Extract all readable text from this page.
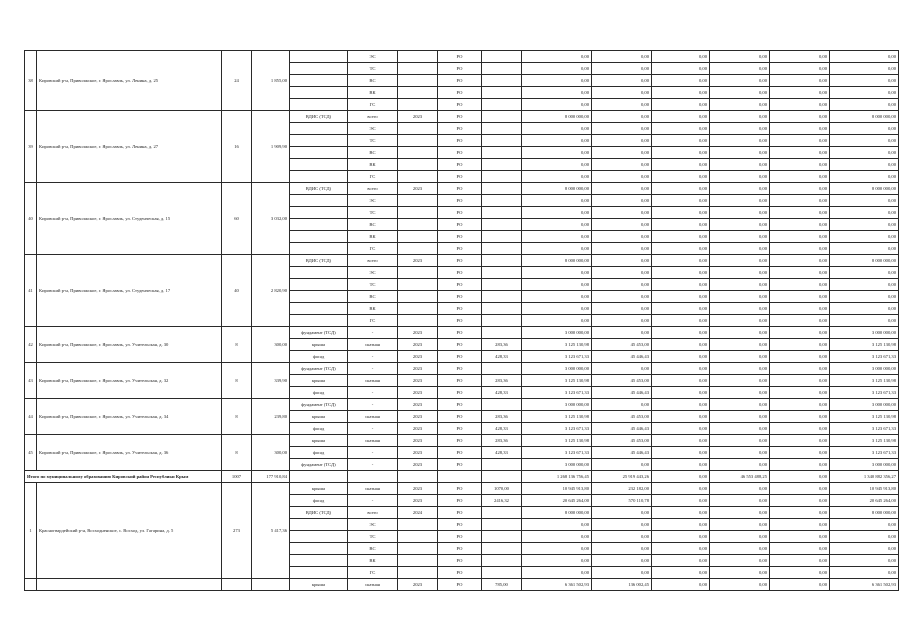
38	Кировский р-н, Приволжское, г. Ярославль, ул. Ленина, д. 25	24	1 855,00		ЭС		РО		0,00	0,00	0,00	0,00	0,00	0,00
					ТС		РО		0,00	0,00	0,00	0,00	0,00	0,00
					ВС		РО		0,00	0,00	0,00	0,00	0,00	0,00
					ВК		РО		0,00	0,00	0,00	0,00	0,00	0,00
					ГС		РО		0,00	0,00	0,00	0,00	0,00	0,00
39	Кировский р-н, Приволжское, г. Ярославль, ул. Ленина, д. 27	16	1 909,90	ВДИС (ТСД)	всего	2023	РО		8 000 000,00	0,00	0,00	0,00	0,00	8 000 000,00
					ЭС		РО		0,00	0,00	0,00	0,00	0,00	0,00
					ТС		РО		0,00	0,00	0,00	0,00	0,00	0,00
					ВС		РО		0,00	0,00	0,00	0,00	0,00	0,00
					ВК		РО		0,00	0,00	0,00	0,00	0,00	0,00
					ГС		РО		0,00	0,00	0,00	0,00	0,00	0,00
40	Кировский р-н, Приволжское, г. Ярославль, ул. Студенческая, д. 15	60	3 032,00	ВДИС (ТСД)	всего	2023	РО		8 000 000,00	0,00	0,00	0,00	0,00	8 000 000,00
					ЭС		РО		0,00	0,00	0,00	0,00	0,00	0,00
					ТС		РО		0,00	0,00	0,00	0,00	0,00	0,00
					ВС		РО		0,00	0,00	0,00	0,00	0,00	0,00
					ВК		РО		0,00	0,00	0,00	0,00	0,00	0,00
					ГС		РО		0,00	0,00	0,00	0,00	0,00	0,00
41	Кировский р-н, Приволжское, г. Ярославль, ул. Студенческая, д. 17	40	2 820,90	ВДИС (ТСД)	всего	2023	РО		8 000 000,00	0,00	0,00	0,00	0,00	8 000 000,00
					ЭС		РО		0,00	0,00	0,00	0,00	0,00	0,00
					ТС		РО		0,00	0,00	0,00	0,00	0,00	0,00
					ВС		РО		0,00	0,00	0,00	0,00	0,00	0,00
					ВК		РО		0,00	0,00	0,00	0,00	0,00	0,00
					ГС		РО		0,00	0,00	0,00	0,00	0,00	0,00
42	Кировский р-н, Приволжское, г. Ярославль, ул. Учительская, д. 30	8	300,00	фундамент (ТСД)	-	2023	РО		3 000 000,00	0,00	0,00	0,00	0,00	3 000 000,00
				крыша	скатная	2023	РО	283,36	3 125 130,98	45 453,00	0,00	0,00	0,00	3 125 130,98
				фасад	-	2023	РО	428,33	3 123 671,33	45 446,43	0,00	0,00	0,00	3 123 671,33
43	Кировский р-н, Приволжское, г. Ярославль, ул. Учительская, д. 32	8	339,90	фундамент (ТСД)	-	2023	РО		3 000 000,00	0,00	0,00	0,00	0,00	3 000 000,00
				крыша	скатная	2023	РО	283,36	3 125 130,98	45 453,00	0,00	0,00	0,00	3 125 130,98
				фасад	-	2023	РО	428,33	3 123 671,33	45 446,43	0,00	0,00	0,00	3 123 671,33
44	Кировский р-н, Приволжское, г. Ярославль, ул. Учительская, д. 34	8	239,80	фундамент (ТСД)	-	2023	РО		3 000 000,00	0,00	0,00	0,00	0,00	3 000 000,00
				крыша	скатная	2023	РО	283,36	3 125 130,98	45 453,00	0,00	0,00	0,00	3 125 130,98
				фасад	-	2023	РО	428,33	3 123 671,33	45 446,43	0,00	0,00	0,00	3 123 671,33
45	Кировский р-н, Приволжское, г. Ярославль, ул. Учительская, д. 36	8	300,00	крыша	скатная	2023	РО	283,36	3 125 130,98	45 453,00	0,00	0,00	0,00	3 125 130,98
				фасад	-	2023	РО	428,33	3 123 671,33	45 446,43	0,00	0,00	0,00	3 123 671,33
				фундамент (ТСД)	-	2023	РО		3 000 000,00	0,00	0,00	0,00	0,00	3 000 000,00
Итого по муниципальному образованию Кировский район Республики Крым		1007	177 910,84						1 268 136 756,45	25 919 443,26	0,00	46 553 488,25	0,00	1 340 882 356,27
1	Красногвардейский р-н, Восходненское, с. Восход, ул. Гагарина, д. 5	273	5 417,36	крыша	скатная	2023	РО	1070,00	10 945 913,80	232 182,00	0,00	0,00	0,00	10 945 913,80
				фасад	-	2023	РО	2416,32	20 645 264,00	570 110,78	0,00	0,00	0,00	20 645 264,00
				ВДИС (ТСД)	всего	2024	РО		8 000 000,00	0,00	0,00	0,00	0,00	8 000 000,00
					ЭС		РО		0,00	0,00	0,00	0,00	0,00	0,00
					ТС		РО		0,00	0,00	0,00	0,00	0,00	0,00
					ВС		РО		0,00	0,00	0,00	0,00	0,00	0,00
					ВК		РО		0,00	0,00	0,00	0,00	0,00	0,00
					ГС		РО		0,00	0,00	0,00	0,00	0,00	0,00
				крыша	скатная	2023	РО	785,00	6 361 502,93	136 002,45	0,00	0,00	0,00	6 361 502,93
